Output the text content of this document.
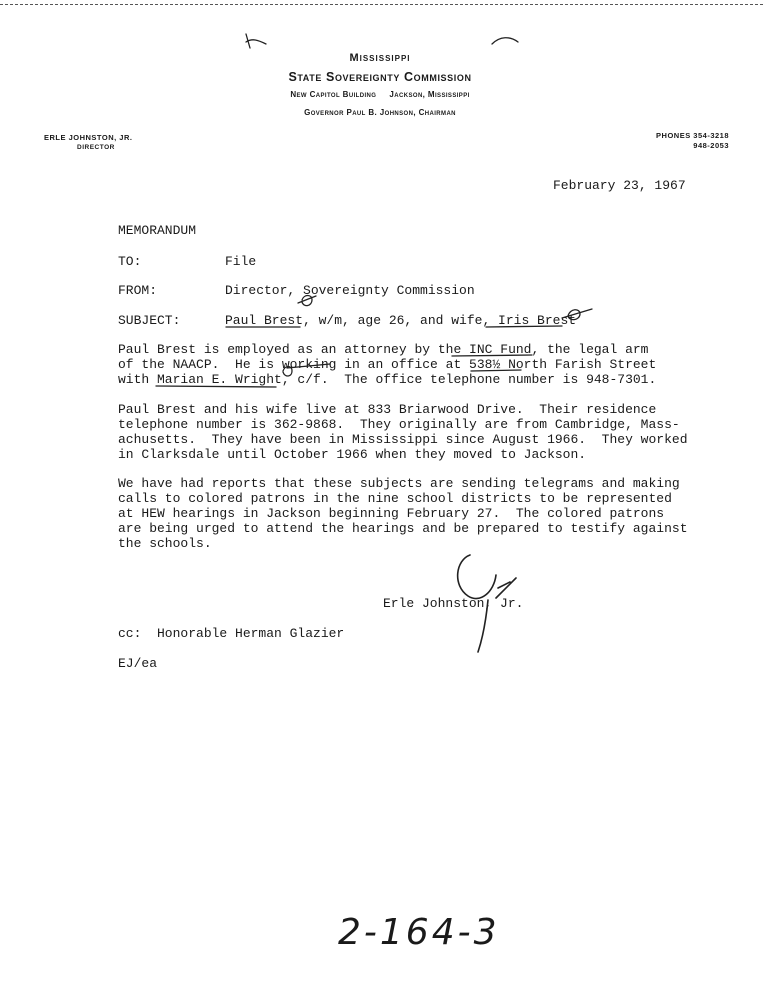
Mississippi
State Sovereignty Commission
New Capitol Building     Jackson, Mississippi
Governor Paul B. Johnson, Chairman
ERLE JOHNSTON, JR.
DIRECTOR
PHONES 354-3218
948-2053
February 23, 1967
MEMORANDUM
TO:	File
FROM:	Director, Sovereignty Commission
SUBJECT:	Paul Brest, w/m, age 26, and wife, Iris Brest
Paul Brest is employed as an attorney by the INC Fund, the legal arm
of the NAACP.  He is working in an office at 538½ North Farish Street
with Marian E. Wright, c/f.  The office telephone number is 948-7301.
Paul Brest and his wife live at 833 Briarwood Drive.  Their residence
telephone number is 362-9868.  They originally are from Cambridge, Mass-
achusetts.  They have been in Mississippi since August 1966.  They worked
in Clarksdale until October 1966 when they moved to Jackson.
We have had reports that these subjects are sending telegrams and making
calls to colored patrons in the nine school districts to be represented
at HEW hearings in Jackson beginning February 27.  The colored patrons
are being urged to attend the hearings and be prepared to testify against
the schools.
Erle Johnston, Jr.
cc:  Honorable Herman Glazier
EJ/ea
2-164-3
